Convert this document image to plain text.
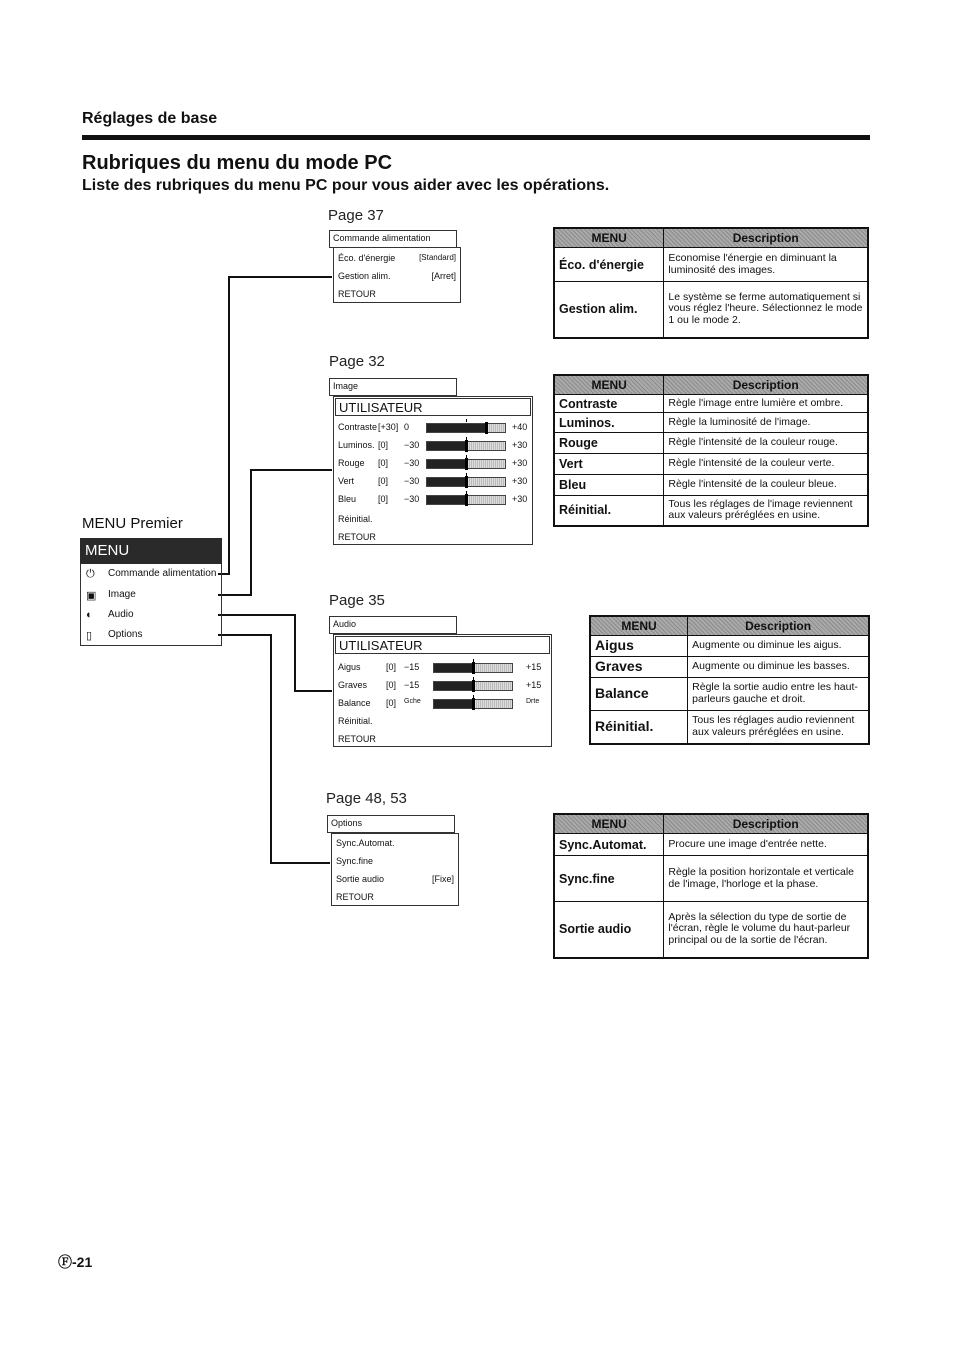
Réglages de base
Rubriques du menu du mode PC
Liste des rubriques du menu PC pour vous aider avec les opérations.
MENU Premier
MENU
⏻ Commande alimentation
▣ Image
◐ Audio
▯ Options
Page 37
Commande alimentation
Éco. d'énergie	[Standard]
Gestion alim.	[Arret]
RETOUR
Page 32
Image
UTILISATEUR
Contraste [+30] 0	+40
Luminos. [0] −30	+30
Rouge [0] −30	+30
Vert	[0] −30	+30
Bleu [0] −30	+30
Réinitial.
RETOUR
Page 35
Audio
UTILISATEUR
Aigus	[0] −15	+15
Graves [0] −15	+15
Balance [0] Gche	Drte
Réinitial.
RETOUR
Page 48, 53
Options
Sync.Automat.
Sync.fine
Sortie audio	[Fixe]
RETOUR
MENU	Description
Éco. d'énergie	Economise l'énergie en diminuant la luminosité des images.
Gestion alim.	Le système se ferme automatiquement si vous réglez l'heure. Sélectionnez le mode 1 ou le mode 2.
MENU	Description
Contraste	Règle l'image entre lumière et ombre.
Luminos.	Règle la luminosité de l'image.
Rouge	Règle l'intensité de la couleur rouge.
Vert	Règle l'intensité de la couleur verte.
Bleu	Règle l'intensité de la couleur bleue.
Réinitial.	Tous les réglages de l'image reviennent aux valeurs préréglées en usine.
MENU	Description
Aigus	Augmente ou diminue les aigus.
Graves	Augmente ou diminue les basses.
Balance	Règle la sortie audio entre les haut-parleurs gauche et droit.
Réinitial.	Tous les réglages audio reviennent aux valeurs préréglées en usine.
MENU	Description
Sync.Automat.	Procure une image d'entrée nette.
Sync.fine	Règle la position horizontale et verticale de l'image, l'horloge et la phase.
Sortie audio	Après la sélection du type de sortie de l'écran, règle le volume du haut-parleur principal ou de la sortie de l'écran.
Ⓕ-21
